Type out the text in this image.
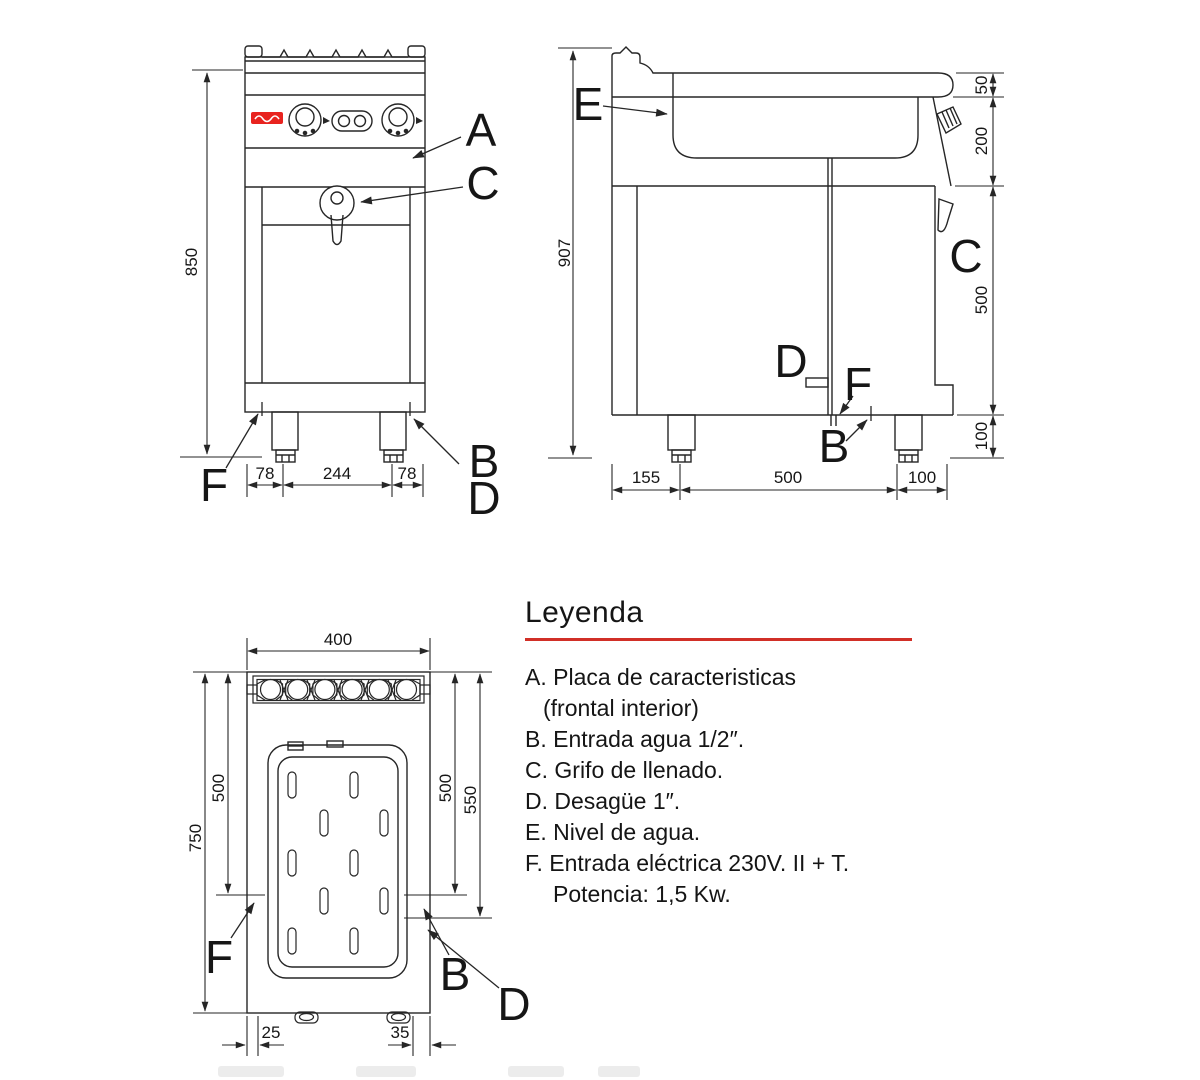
850
78	244	78
A
C
F	B
D
907
50
200
500
100
155	500	100
E
C
D F
B
400
500
750
500 550
25	35
F	B
D
Leyenda
A. Placa de caracteristicas
(frontal interior)
B. Entrada agua 1/2″.
C. Grifo de llenado.
D. Desagüe 1″.
E. Nivel de agua.
F. Entrada eléctrica 230V. II + T.
Potencia: 1,5 Kw.
